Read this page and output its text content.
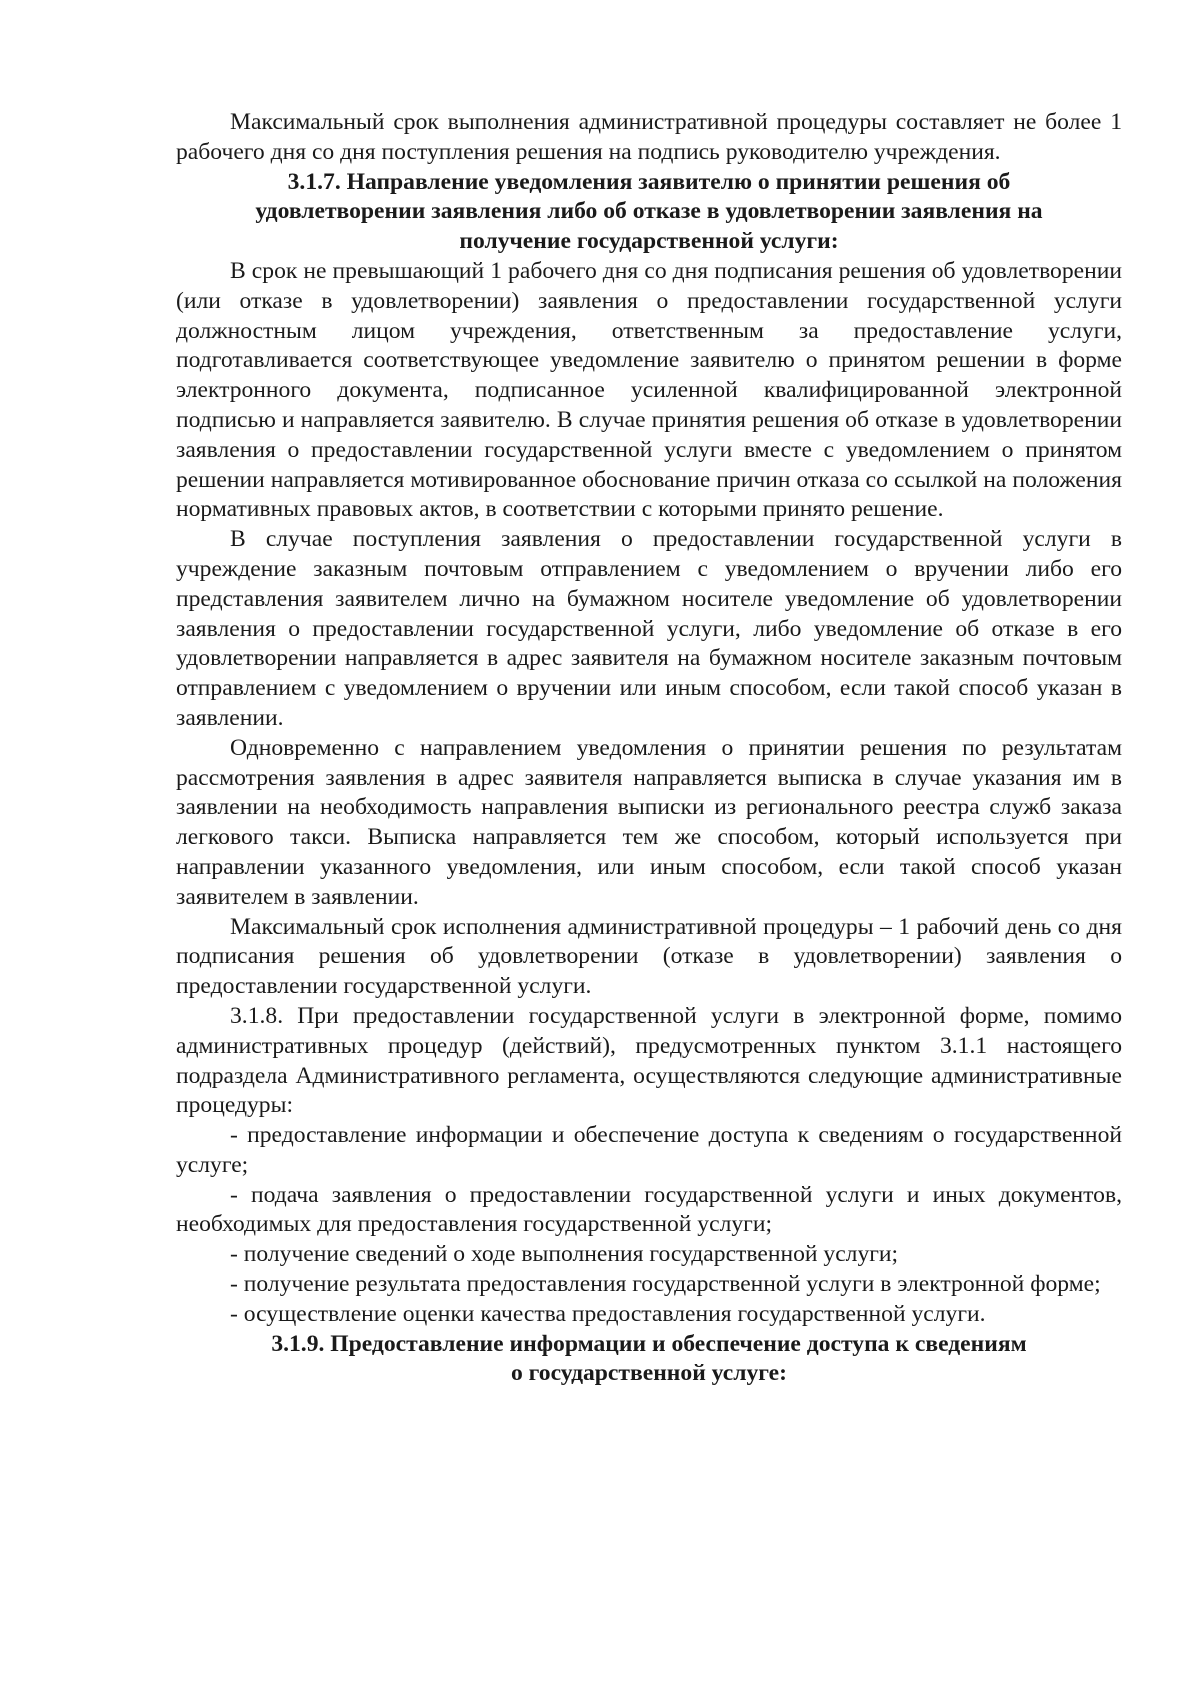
Максимальный срок выполнения административной процедуры составляет не более 1 рабочего дня со дня поступления решения на подпись руководителю учреждения.

3.1.7. Направление уведомления заявителю о принятии решения об
удовлетворении заявления либо об отказе в удовлетворении заявления на
получение государственной услуги:

В срок не превышающий 1 рабочего дня со дня подписания решения об удовлетворении (или отказе в удовлетворении) заявления о предоставлении государственной услуги должностным лицом учреждения, ответственным за предоставление услуги, подготавливается соответствующее уведомление заявителю о принятом решении в форме электронного документа, подписанное усиленной квалифицированной электронной подписью и направляется заявителю. В случае принятия решения об отказе в удовлетворении заявления о предоставлении государственной услуги вместе с уведомлением о принятом решении направляется мотивированное обоснование причин отказа со ссылкой на положения нормативных правовых актов, в соответствии с которыми принято решение.

В случае поступления заявления о предоставлении государственной услуги в учреждение заказным почтовым отправлением с уведомлением о вручении либо его представления заявителем лично на бумажном носителе уведомление об удовлетворении заявления о предоставлении государственной услуги, либо уведомление об отказе в его удовлетворении направляется в адрес заявителя на бумажном носителе заказным почтовым отправлением с уведомлением о вручении или иным способом, если такой способ указан в заявлении.

Одновременно с направлением уведомления о принятии решения по результатам рассмотрения заявления в адрес заявителя направляется выписка в случае указания им в заявлении на необходимость направления выписки из регионального реестра служб заказа легкового такси. Выписка направляется тем же способом, который используется при направлении указанного уведомления, или иным способом, если такой способ указан заявителем в заявлении.

Максимальный срок исполнения административной процедуры – 1 рабочий день со дня подписания решения об удовлетворении (отказе в удовлетворении) заявления о предоставлении государственной услуги.

3.1.8. При предоставлении государственной услуги в электронной форме, помимо административных процедур (действий), предусмотренных пунктом 3.1.1 настоящего подраздела Административного регламента, осуществляются следующие административные процедуры:

- предоставление информации и обеспечение доступа к сведениям о государственной услуге;

- подача заявления о предоставлении государственной услуги и иных документов, необходимых для предоставления государственной услуги;

- получение сведений о ходе выполнения государственной услуги;

- получение результата предоставления государственной услуги в электронной форме;

- осуществление оценки качества предоставления государственной услуги.

3.1.9. Предоставление информации и обеспечение доступа к сведениям
о государственной услуге:
